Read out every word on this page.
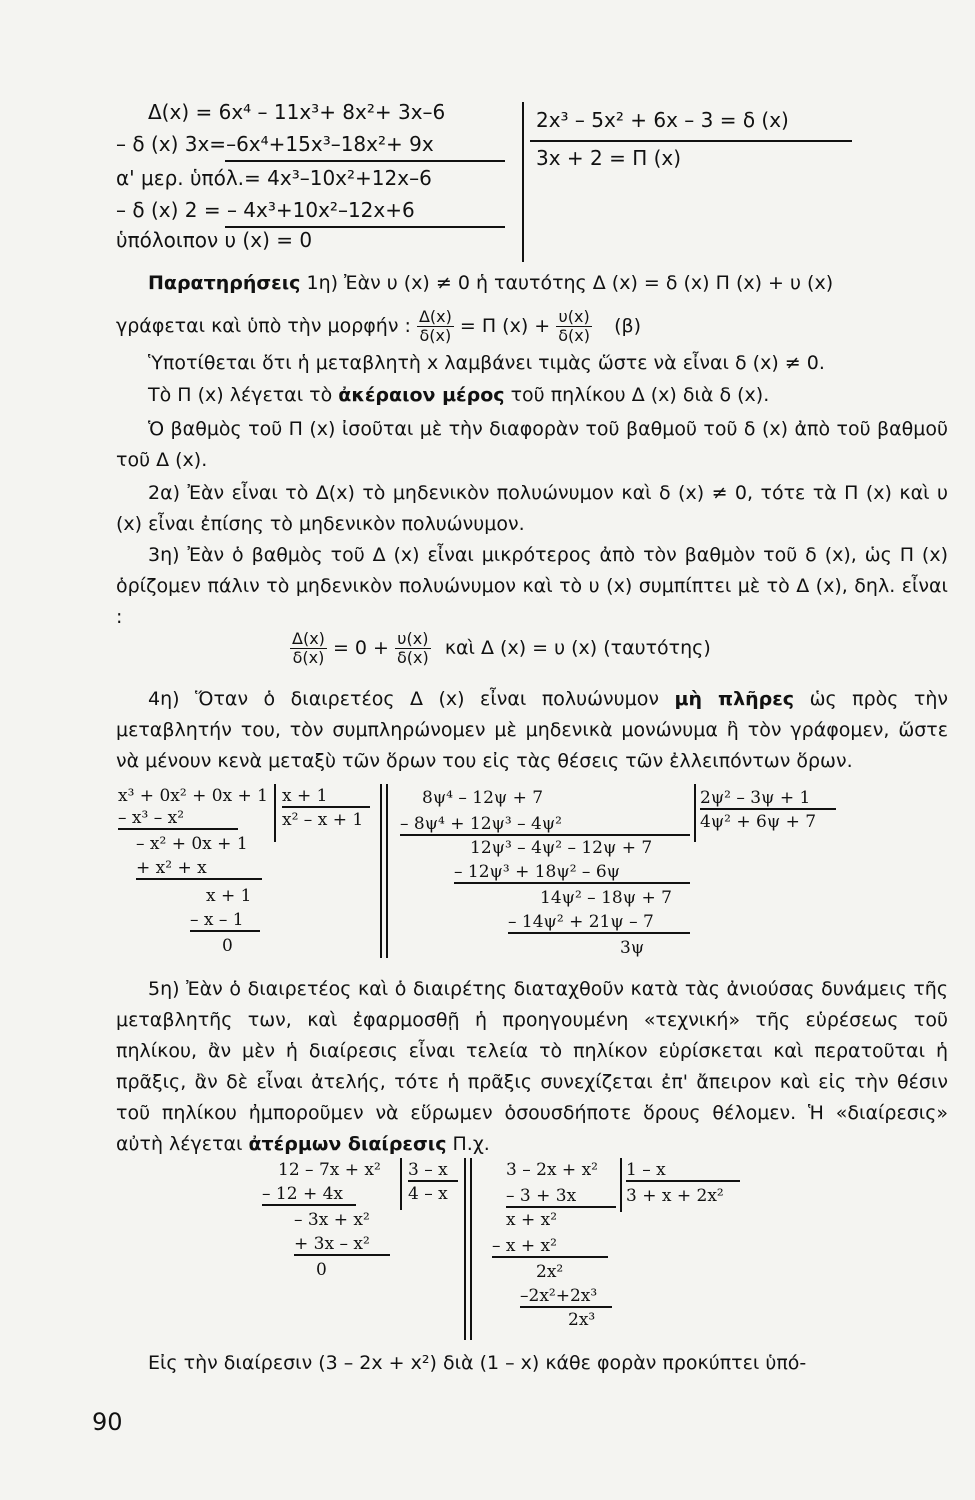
Δ(x) = 6x⁴ – 11x³+ 8x²+ 3x–6
– δ (x) 3x=–6x⁴+15x³–18x²+ 9x
α' μερ. ὑπόλ.= 4x³–10x²+12x–6
– δ (x) 2 = – 4x³+10x²–12x+6
ὑπόλοιπον υ (x) = 0
2x³ – 5x² + 6x – 3 = δ (x)
3x + 2 = Π (x)
Παρατηρήσεις 1η) Ἐὰν υ (x) ≠ 0 ἡ ταυτότης Δ (x) = δ (x) Π (x) + υ (x)
γράφεται καὶ ὑπὸ τὴν μορφήν : $\frac{\Delta(x)}{\delta(x)} = \Pi$ $(x) + \frac{\upsilon(x)}{\delta(x)} (\beta)$
Ὑποτίθεται ὅτι ἡ μεταβλητὴ x λαμβάνει τιμὰς ὥστε νὰ εἶναι δ (x) ≠ 0.
Τὸ Π (x) λέγεται τὸ ἀκέραιον μέρος τοῦ πηλίκου Δ (x) διὰ δ (x).
Ὁ βαθμὸς τοῦ Π (x) ἰσοῦται μὲ τὴν διαφορὰν τοῦ βαθμοῦ τοῦ δ (x) ἀπὸ τοῦ βαθμοῦ τοῦ Δ (x).
2α) Ἐὰν εἶναι τὸ Δ(x) τὸ μηδενικὸν πολυώνυμον καὶ δ (x) ≠ 0, τότε τὰ Π (x) καὶ υ (x) εἶναι ἐπίσης τὸ μηδενικὸν πολυώνυμον.
3η) Ἐὰν ὁ βαθμὸς τοῦ Δ (x) εἶναι μικρότερος ἀπὸ τὸν βαθμὸν τοῦ δ (x), ὡς Π (x) ὁρίζομεν πάλιν τὸ μηδενικὸν πολυώνυμον καὶ τὸ υ (x) συμπίπτει μὲ τὸ Δ (x), δηλ. εἶναι :
$\frac{\Delta(x)}{\delta(x)} = 0 + \frac{\upsilon(x)}{\delta(x)}$ καὶ Δ (x) = υ (x) (ταυτότης)
4η) Ὅταν ὁ διαιρετέος Δ (x) εἶναι πολυώνυμον μὴ πλῆρες ὡς πρὸς τὴν μεταβλητήν του, τὸν συμπληρώνομεν μὲ μηδενικὰ μονώνυμα ἢ τὸν γράφομεν, ὥστε νὰ μένουν κενὰ μεταξὺ τῶν ὅρων του εἰς τὰς θέσεις τῶν ἐλλειπόντων ὅρων.
x³ + 0x² + 0x + 1
– x³ – x²
– x² + 0x + 1
+ x² + x
x + 1
– x – 1
0
x + 1
x² – x + 1
8ψ⁴ – 12ψ + 7
– 8ψ⁴ + 12ψ³ – 4ψ²
12ψ³ – 4ψ² – 12ψ + 7
– 12ψ³ + 18ψ² – 6ψ
14ψ² – 18ψ + 7
– 14ψ² + 21ψ – 7
3ψ
2ψ² – 3ψ + 1
4ψ² + 6ψ + 7
5η) Ἐὰν ὁ διαιρετέος καὶ ὁ διαιρέτης διαταχθοῦν κατὰ τὰς ἀνιούσας δυνάμεις τῆς μεταβλητῆς των, καὶ ἐφαρμοσθῇ ἡ προηγουμένη «τεχνική» τῆς εὑρέσεως τοῦ πηλίκου, ἂν μὲν ἡ διαίρεσις εἶναι τελεία τὸ πηλίκον εὑρίσκεται καὶ περατοῦται ἡ πρᾶξις, ἂν δὲ εἶναι ἀτελής, τότε ἡ πρᾶξις συνεχίζεται ἐπ' ἄπειρον καὶ εἰς τὴν θέσιν τοῦ πηλίκου ἠμποροῦμεν νὰ εὕρωμεν ὁσουσδήποτε ὅρους θέλομεν. Ἡ «διαίρεσις» αὐτὴ λέγεται ἀτέρμων διαίρεσις Π.χ.
12 – 7x + x²
– 12 + 4x
– 3x + x²
+ 3x – x²
0
3 – x
4 – x
3 – 2x + x²
– 3 + 3x
x + x²
– x + x²
2x²
–2x²+2x³
2x³
1 – x
3 + x + 2x²
Εἰς τὴν διαίρεσιν (3 – 2x + x²) διὰ (1 – x) κάθε φορὰν προκύπτει ὑπό-
90
